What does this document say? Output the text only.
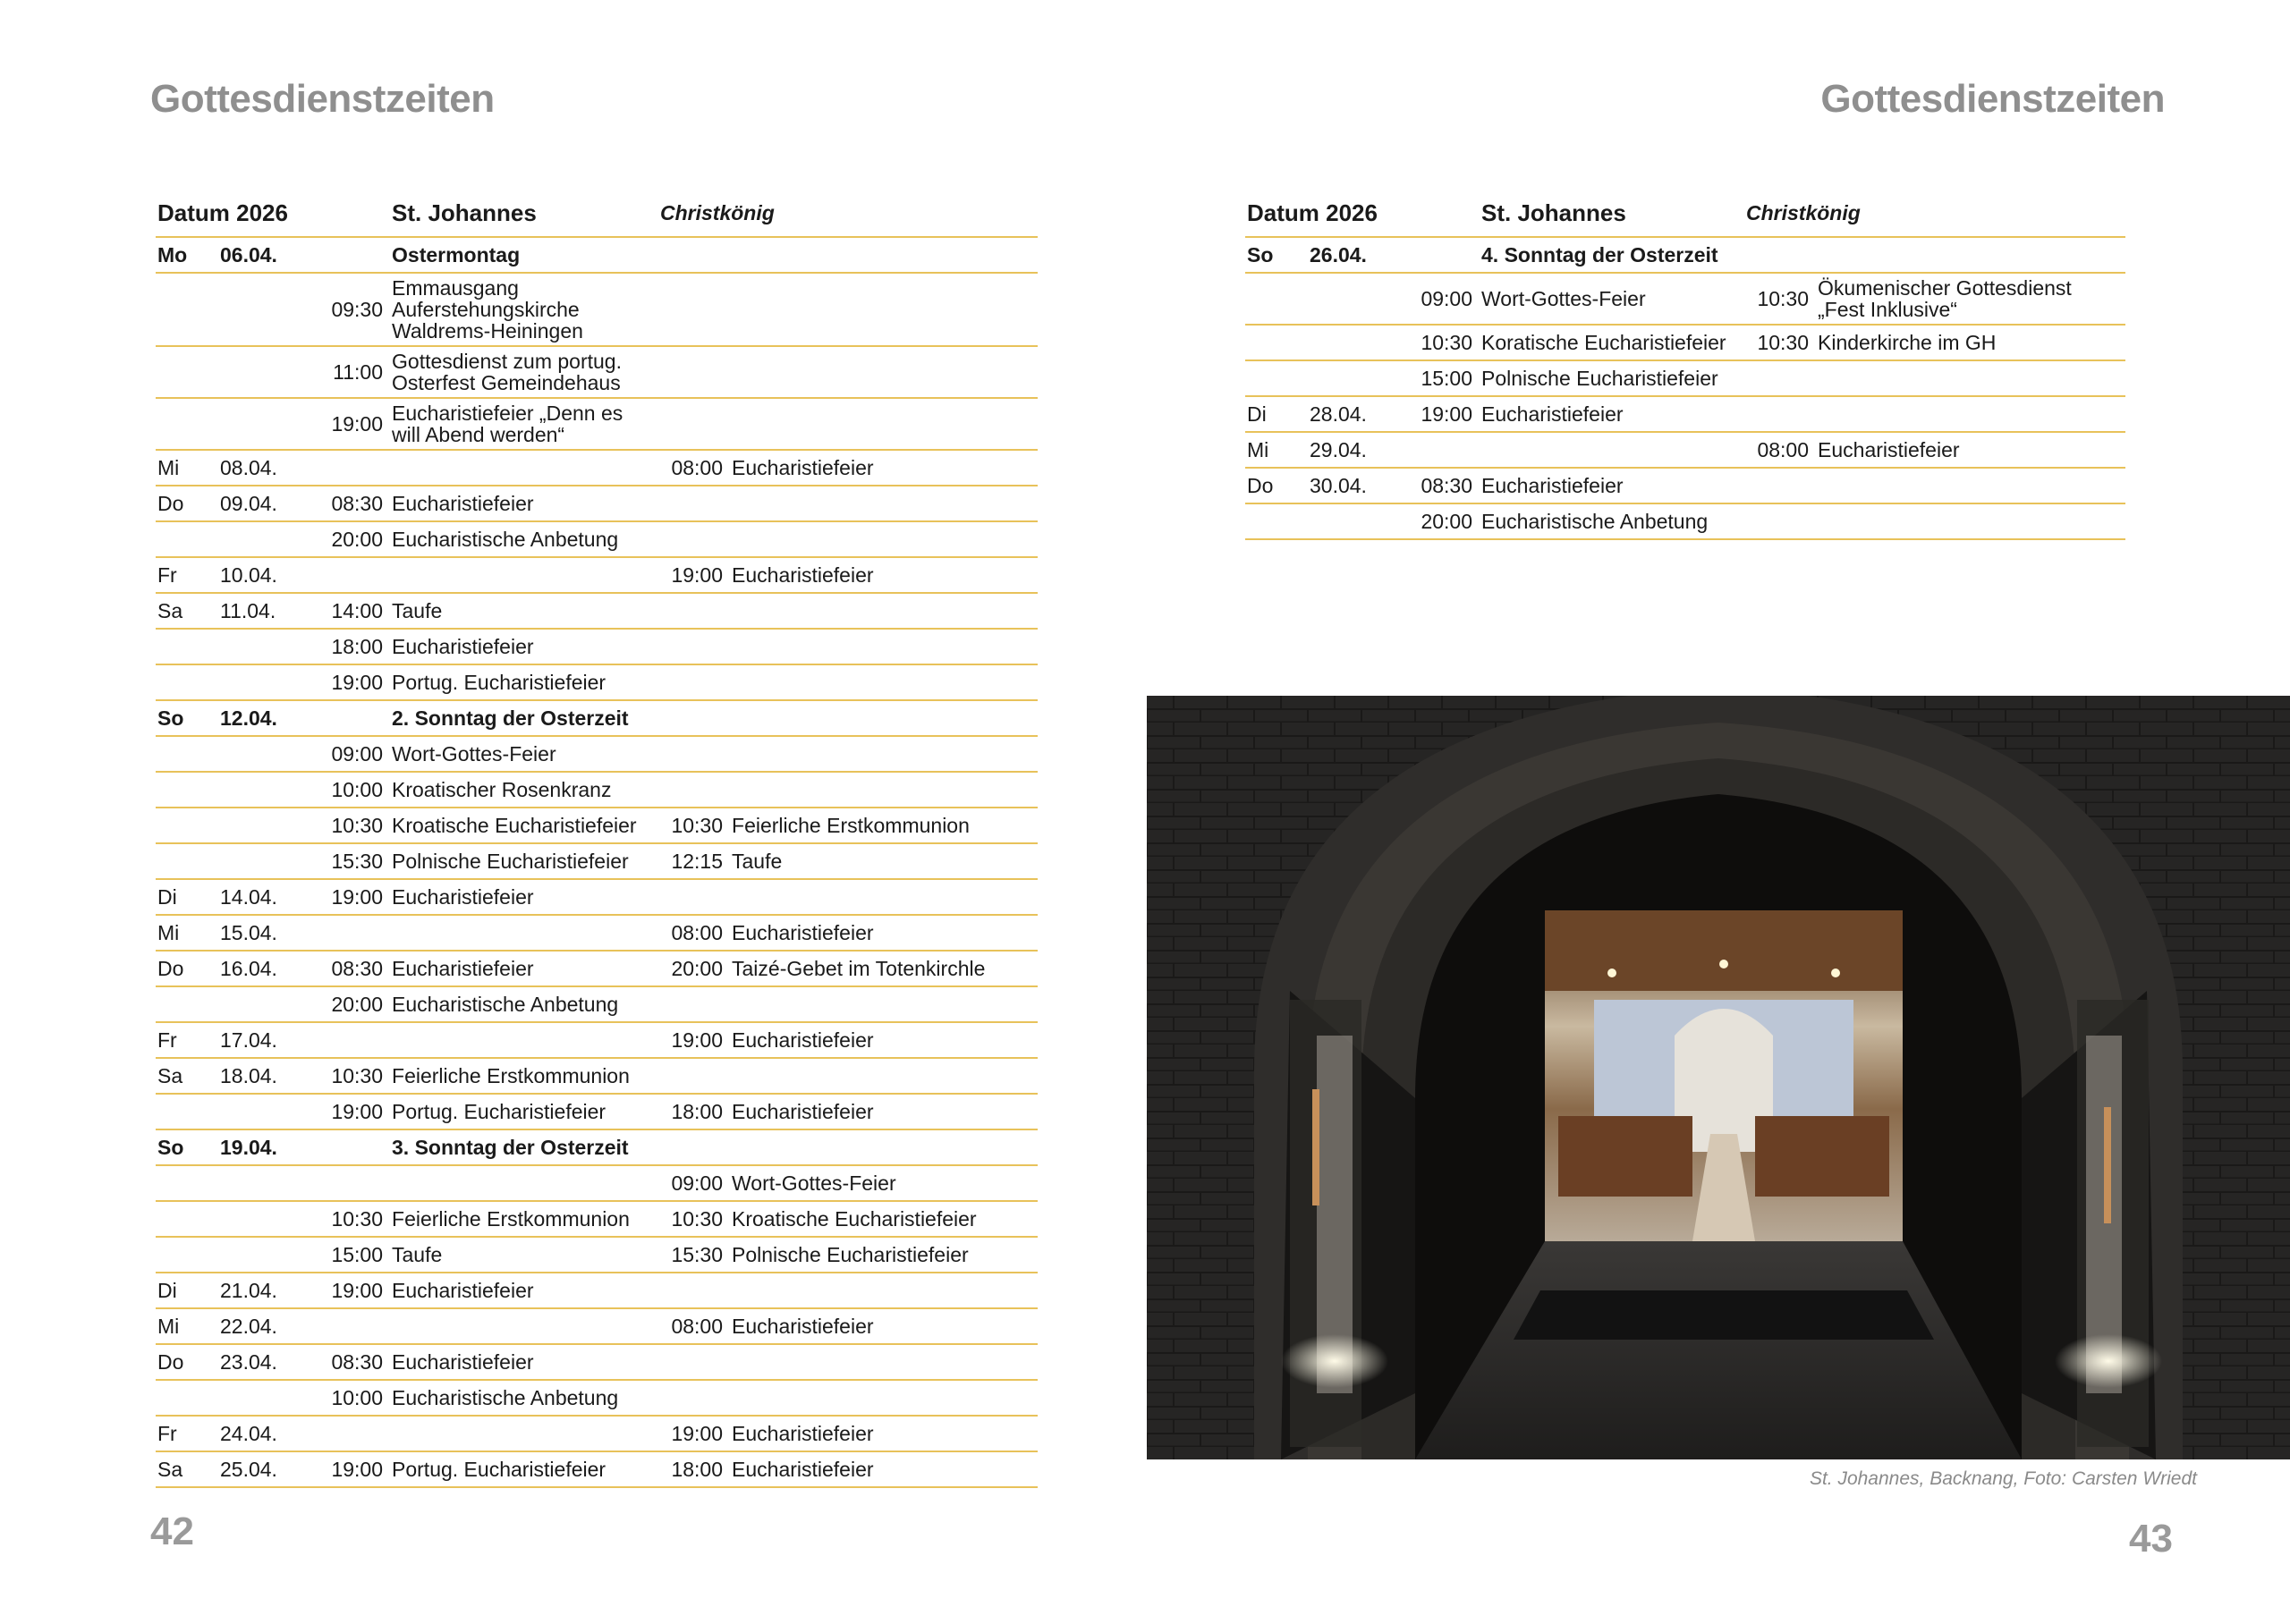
Gottesdienstzeiten
Datum 2026			St. Johannes	Christkönig	
Mo	06.04.		Ostermontag		
		09:30	Emmausgang Auferstehungskirche Waldrems-Heiningen		
		11:00	Gottesdienst zum portug. Osterfest Gemeindehaus		
		19:00	Eucharistiefeier „Denn es will Abend werden“		
Mi	08.04.			08:00	Eucharistiefeier
Do	09.04.	08:30	Eucharistiefeier		
		20:00	Eucharistische Anbetung		
Fr	10.04.			19:00	Eucharistiefeier
Sa	11.04.	14:00	Taufe		
		18:00	Eucharistiefeier		
		19:00	Portug. Eucharistiefeier		
So	12.04.		2. Sonntag der Osterzeit		
		09:00	Wort-Gottes-Feier		
		10:00	Kroatischer Rosenkranz		
		10:30	Kroatische Eucharistiefeier	10:30	Feierliche Erstkommunion
		15:30	Polnische Eucharistiefeier	12:15	Taufe
Di	14.04.	19:00	Eucharistiefeier		
Mi	15.04.			08:00	Eucharistiefeier
Do	16.04.	08:30	Eucharistiefeier	20:00	Taizé-Gebet im Totenkirchle
		20:00	Eucharistische Anbetung		
Fr	17.04.			19:00	Eucharistiefeier
Sa	18.04.	10:30	Feierliche Erstkommunion		
		19:00	Portug. Eucharistiefeier	18:00	Eucharistiefeier
So	19.04.		3. Sonntag der Osterzeit		
				09:00	Wort-Gottes-Feier
		10:30	Feierliche Erstkommunion	10:30	Kroatische Eucharistiefeier
		15:00	Taufe	15:30	Polnische Eucharistiefeier
Di	21.04.	19:00	Eucharistiefeier		
Mi	22.04.			08:00	Eucharistiefeier
Do	23.04.	08:30	Eucharistiefeier		
		10:00	Eucharistische Anbetung		
Fr	24.04.			19:00	Eucharistiefeier
Sa	25.04.	19:00	Portug. Eucharistiefeier	18:00	Eucharistiefeier
42
Gottesdienstzeiten
Datum 2026			St. Johannes	Christkönig	
So	26.04.		4. Sonntag der Osterzeit		
		09:00	Wort-Gottes-Feier	10:30	Ökumenischer Gottesdienst „Fest Inklusive“
		10:30	Koratische Eucharistiefeier	10:30	Kinderkirche im GH
		15:00	Polnische Eucharistiefeier		
Di	28.04.	19:00	Eucharistiefeier		
Mi	29.04.			08:00	Eucharistiefeier
Do	30.04.	08:30	Eucharistiefeier		
		20:00	Eucharistische Anbetung		
St. Johannes, Backnang, Foto: Carsten Wriedt
43
